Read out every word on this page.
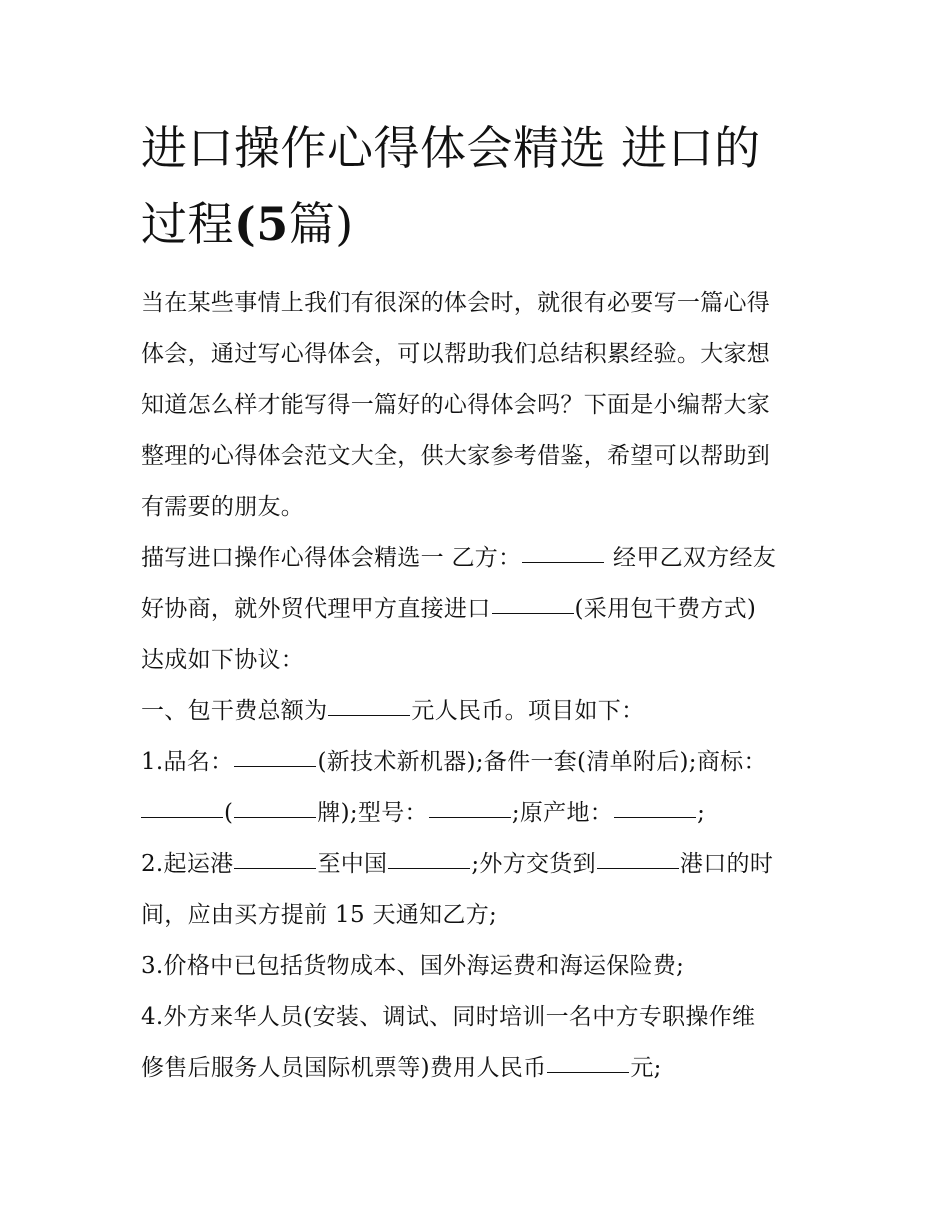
进口操作心得体会精选 进口的
过程(5篇)
当在某些事情上我们有很深的体会时，就很有必要写一篇心得
体会，通过写心得体会，可以帮助我们总结积累经验。大家想
知道怎么样才能写得一篇好的心得体会吗？下面是小编帮大家
整理的心得体会范文大全，供大家参考借鉴，希望可以帮助到
有需要的朋友。
描写进口操作心得体会精选一 乙方：	经甲乙双方经友
好协商，就外贸代理甲方直接进口	(采用包干费方式)
达成如下协议：
一、包干费总额为	元人民币。项目如下：
1.品名：	(新技术新机器);备件一套(清单附后);商标：
(	牌);型号：	;原产地：	;
2.起运港	至中国	;外方交货到	港口的时
间，应由买方提前 15 天通知乙方;
3.价格中已包括货物成本、国外海运费和海运保险费;
4.外方来华人员(安装、调试、同时培训一名中方专职操作维
修售后服务人员国际机票等)费用人民币	元;
